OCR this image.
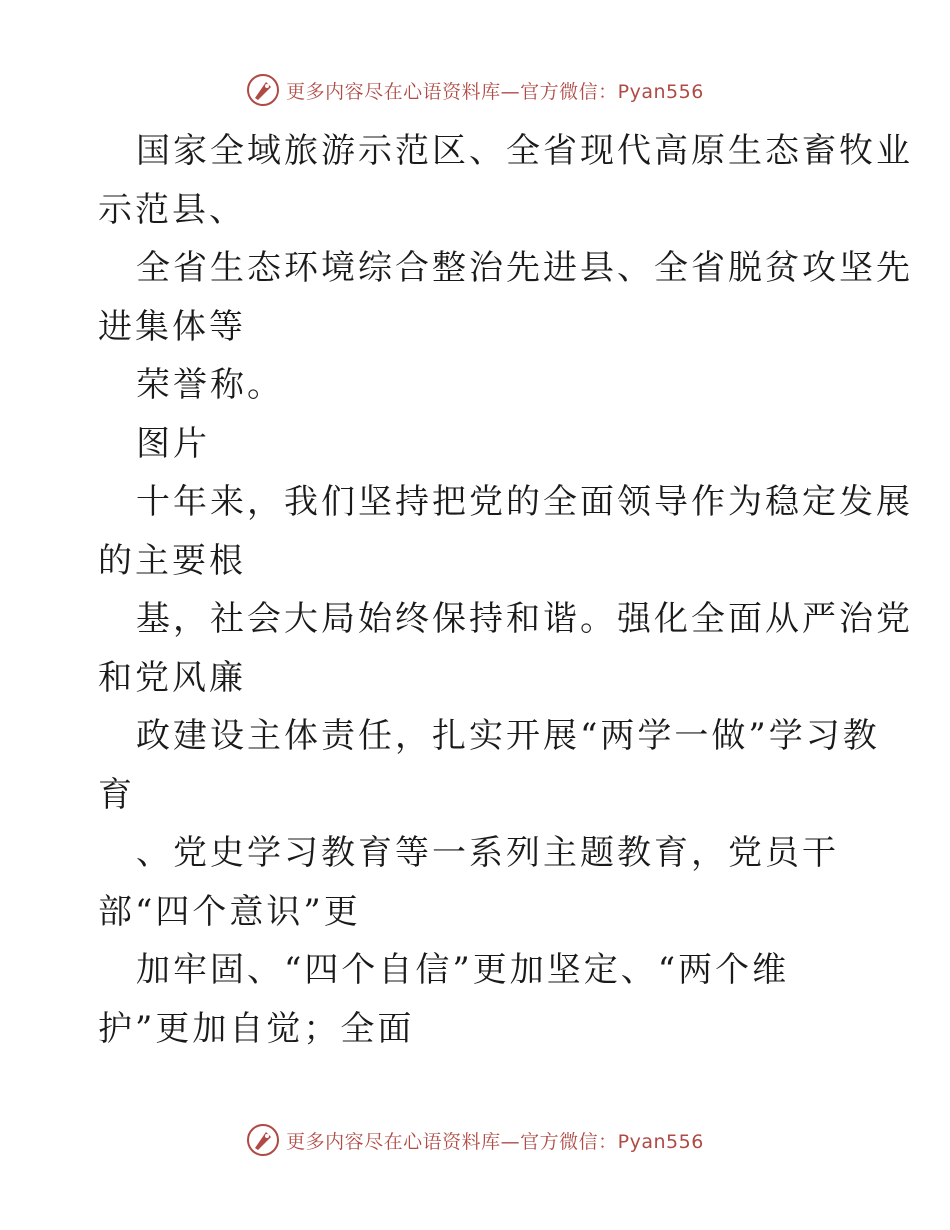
更多内容尽在心语资料库—官方微信：Pyan556
国家全域旅游示范区、全省现代高原生态畜牧业
示范县、
全省生态环境综合整治先进县、全省脱贫攻坚先
进集体等
荣誉称。
图片
十年来，我们坚持把党的全面领导作为稳定发展
的主要根
基，社会大局始终保持和谐。强化全面从严治党
和党风廉
政建设主体责任，扎实开展“两学一做”学习教
育
、党史学习教育等一系列主题教育，党员干
部“四个意识”更
加牢固、“四个自信”更加坚定、“两个维
护”更加自觉；全面
更多内容尽在心语资料库—官方微信：Pyan556
